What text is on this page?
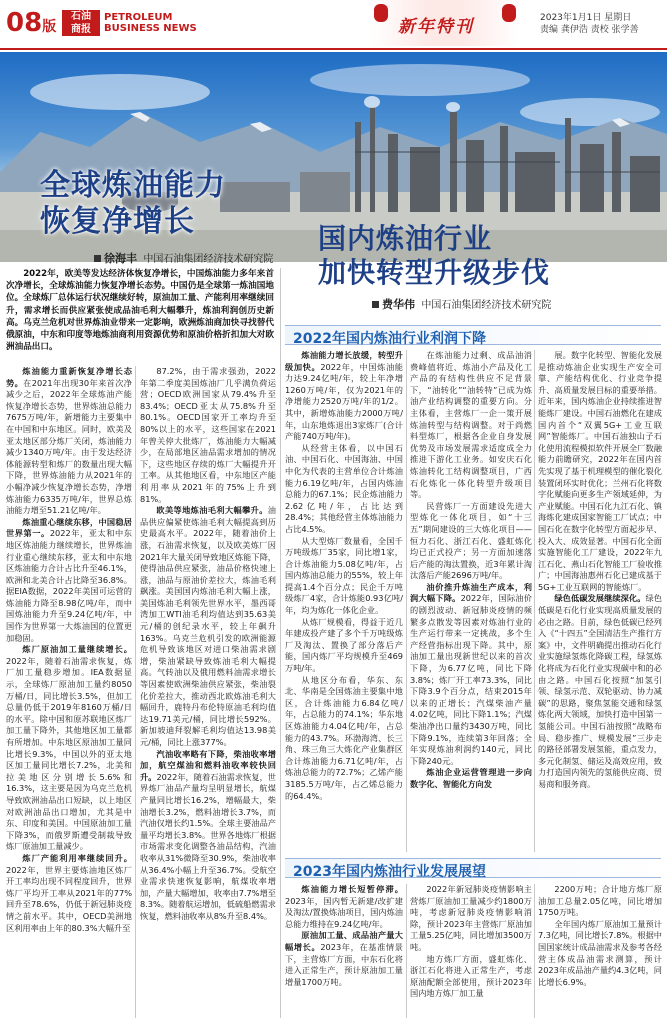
08版
石油
商报
PETROLEUM
BUSINESS NEWS	新年特刊	2023年1月1日 星期日
责编 龚伊浩 责校 张学善
全球炼油能力
恢复净增长
徐海丰 中国石油集团经济技术研究院
国内炼油行业
加快转型升级步伐
费华伟 中国石油集团经济技术研究院

2022年，欧美等发达经济体恢复净增长，中国炼油能力多年来首次净增长，全球炼油能力恢复净增长态势。中国仍是全球第一炼油国地位。全球炼厂总体运行状况继续好转，原油加工量、产能利用率继续回升，需求增长而供应紧张使成品油毛利大幅攀升，炼油利润创历史新高。乌克兰危机对世界炼油业带来一定影响，欧洲炼油商加快寻找替代俄原油，中东和印度等地炼油商利用资源优势和原油价格折扣加大对欧洲油品出口。

2022年国内炼油行业利润下降
2023年国内炼油行业发展展望

炼油能力重新恢复净增长态势。在2021年出现30年来首次净减少之后，2022年全球炼油产能恢复净增长态势，世界炼油总能力7675万吨/年，新增能力主要集中在中国和中东地区。同时，欧美及亚太地区部分炼厂关闭，炼油能力减少1340万吨/年。由于发达经济体能源转型和炼厂的数量出现大幅下降，世界炼油能力从2021年的小幅净减少恢复净增长态势，净增炼油能力6335万吨/年，世界总炼油能力增至51.21亿吨/年。

炼油重心继续东移，中国稳居世界第一。2022年，亚太和中东地区炼油能力继续增长，世界炼油行业重心继续东移，亚太和中东地区炼油能力合计占比升至46.1%，欧洲和北美合计占比降至36.8%。据EIA数据，2022年美国可运营的炼油能力降至8.98亿吨/年，而中国炼油能力升至9.24亿吨/年，中国作为世界第一大炼油国的位置更加稳固。

炼厂原油加工量继续增长。2022年，随着石油需求恢复，炼厂加工量稳步增加。IEA数据显示，全球炼厂原油加工量约8050万桶/日，同比增长3.5%，但加工总量仍低于2019年8160万桶/日的水平。除中国和原苏联地区炼厂加工量下降外，其他地区加工量都有所增加。中东地区原油加工量同比增长9.3%，中国以外的亚太地区加工量同比增长7.2%，北美和拉美地区分别增长5.6%和16.3%，这主要是因为乌克兰危机导致欧洲油品出口短缺，以上地区对欧洲油品出口增加，尤其是中东、印度和美国。中国原油加工量下降3%，而俄罗斯遭受制裁导致炼厂原油加工量减少。

炼厂产能利用率继续回升。2022年，世界主要炼油地区炼厂开工率均出现不同程度回升，世界炼厂平均开工率从2021年的77%回升至78.6%，仍低于新冠肺炎疫情之前水平。其中，OECD美洲地区利用率由上年的80.3%大幅升至

87.2%，由于需求强劲，2022年第二季度美国炼油厂几乎满负荷运营；OECD欧洲国家从79.4%升至83.4%；OECD亚太从75.8%升至80.1%。OECD国家开工率均升至80%以上的水平，这些国家在2021年曾关停大批炼厂，炼油能力大幅减少，在局部地区油品需求增加的情况下，这些地区存续的炼厂大幅提升开工率。从其他地区看，中东地区产能利用率从2021年的75%上升到81%。

欧美等地炼油毛利大幅攀升。油品供应偏紧使炼油毛利大幅提高到历史最高水平。2022年，随着油价上涨，石油需求恢复，以及欧美炼厂因2021年大量关闭导致地区炼能下降，使得油品供应紧张，油品价格快速上涨，油品与原油价差拉大，炼油毛利飙涨。美国国内炼油毛利大幅上涨，美国炼油毛利领先世界水平，墨西哥湾加工WTI油毛利均值达到35.63美元/桶的创纪录水平，较上年飙升163%。乌克兰危机引发的欧洲能源危机导致该地区对进口柴油需求剧增，柴油紧缺导致炼油毛利大幅提高。气转油以及俄用燃料油需求增长等因素使欧洲柴油供应紧张，柴油裂化价差拉大，推动西北欧炼油毛利大幅回升，鹿特丹布伦特原油毛利均值达19.71美元/桶，同比增长592%。新加坡迪拜裂解毛利均值达13.98美元/桶，同比上涨377%。

汽油收率略有下降，柴油收率增加，航空煤油和燃料油收率较快回升。2022年，随着石油需求恢复，世界炼厂油品产量均呈明显增长，航煤产量同比增长16.2%，增幅最大，柴油增长3.2%，燃料油增长3.7%，而汽油仅增长约1.5%。全球主要油品产量平均增长3.8%。世界各地炼厂根据市场需求变化调整各油品结构，汽油收率从31%微降至30.9%，柴油收率从36.4%小幅上升至36.7%。受航空业需求快速恢复影响，航煤收率增加，产量大幅增加，收率由7.7%增至8.3%。随着航运增加，低硫船燃需求恢复，燃料油收率从8%升至8.4%。

炼油能力增长放缓，转型升级加快。2022年，中国炼油能力达9.24亿吨/年，较上年净增1260万吨/年，仅为2021年的净增能力2520万吨/年的1/2。其中，新增炼油能力2000万吨/年，山东地炼退出3家炼厂(合计产能740万吨/年)。

从经营主体看，以中国石油、中国石化、中国海油、中国中化为代表的主营单位合计炼油能力6.19亿吨/年，占国内炼油总能力的67.1%；民企炼油能力2.62亿吨/年，占比达到28.4%；其他经营主体炼油能力占比4.5%。

从大型炼厂数量看，全国千万吨级炼厂35家，同比增1家，合计炼油能力5.08亿吨/年，占国内炼油总能力的55%，较上年提高1.4个百分点；民企千万吨级炼厂4家，合计炼能0.93亿吨/年，均为炼化一体化企业。

从炼厂规模看，得益于近几年建成投产建了多个千万吨级炼厂及淘汰、置换了部分落后产能，国内炼厂平均规模升至469万吨/年。

从地区分布看，华东、东北、华南是全国炼油主要集中地区，合计炼油能力6.84亿吨/年，占总能力的74.1%；华东地区炼油能力4.04亿吨/年，占总能力的43.7%。环渤海湾、长三角、珠三角三大炼化产业集群区合计炼油能力6.71亿吨/年，占炼油总能力的72.7%；乙烯产能3185.5万吨/年，占乙烯总能力的64.4%。

在炼油能力过剩、成品油消费峰值将近、炼油小产品及化工产品的有结构性供应不足背景下，“油转化”“油转特”已成为炼油产业结构调整的重要方向。分主体看，主营炼厂一企一策开展炼油转型与结构调整。对于尚燃料型炼厂，根据各企业自身发展优势及市场发展需求适度成全力推进下游化工业务。如安庆石化炼油转化工结构调整项目，广西石化炼化一体化转型升级项目等。

民营炼厂一方面建设先进大型炼化一体化项目，如“十三五”期间建设的三大炼化项目——恒力石化、浙江石化、盛虹炼化均已正式投产；另一方面加速落后产能的淘汰置换，近3年累计淘汰落后产能2696万吨/年。

油价推升炼油生产成本，利润大幅下降。2022年，国际油价的剧烈波动、新冠肺炎疫情的频繁多点散发等因素对炼油行业的生产运行带来一定挑战，多个生产经营指标出现下降。其中，原油加工量出现新世纪以来的首次下降，为6.77亿吨，同比下降3.8%；炼厂开工率73.3%，同比下降3.9个百分点，结束2015年以来的正增长；汽煤柴油产量4.02亿吨，同比下降1.1%；汽煤柴油净出口量约3430万吨，同比下降9.1%，连续第3年回落；全年实现炼油利润约140元，同比下降240元。

炼油企业运营管理进一步向数字化、智能化方向发

展。数字化转型、智能化发展是推动炼油企业实现生产安全可靠、产能结构优化、行业竞争提升、高质量发展目标的重要举措。近年来，国内炼油企业持续推进智能炼厂建设。中国石油燃化在建成国内首个“双翼5G+工业互联网”智能炼厂。中国石油独山子石化使用流程模拟软件开展全厂数融能力前瞻研究，2022年在国内首先实现了基于机理模型的催化裂化装置闭环实时优化；兰州石化将数字化赋能向更多生产领域延伸，为产业赋能。中国石化九江石化、镇海炼化建成国家智能工厂试点；中国石化在数字化转型方面起步早、投入大、成效显著。中国石化全面实施智能化工厂建设，2022年九江石化、燕山石化智能工厂验收推广；中国海油惠州石化已建成基于5G+工业互联网的智能炼厂。

绿色低碳发展继续深化。绿色低碳是石化行业实现高质量发展的必由之路。目前，绿色低碳已经列入《“十四五”全国清洁生产推行方案》中，文件明确提出推动石化行业实施绿氢炼化降碳工程，绿氢炼化将成为石化行业实现碳中和的必由之路。中国石化按照“加氢引领、绿氢示范、双轮驱动、协力减碳”的思路，聚焦氢能交通和绿氢炼化两大领域，加快打造中国第一氢能公司。中国石油按照“战略布局、稳步推广、规模发展”三步走的路径部署发展氢能，重点发力，多元化制氢、储运及高效应用，致力打造国内领先的氢能供应商、贸易商和服务商。

炼油能力增长短暂停滞。2023年，国内暂无新建/改扩建及淘汰/置换炼油项目，国内炼油总能力维持在9.24亿吨/年。

原油加工量、成品油产量大幅增长。2023年，在基准情景下，主营炼厂方面，中东石化将进入正常生产，预计原油加工量增量1700万吨。

2022年新冠肺炎疫情影响主营炼厂原油加工量减少约1800万吨，考虑新冠肺炎疫情影响消除，预计2023年主营炼厂原油加工量5.25亿吨，同比增加3500万吨。

地方炼厂方面，盛虹炼化、浙江石化将进入正常生产，考虑原油配额全部使用，预计2023年国内地方炼厂加工量

2200万吨；合计地方炼厂原油加工总量2.05亿吨，同比增加1750万吨。

全年国内炼厂原油加工量预计7.3亿吨，同比增长7.8%。根据中国国家统计成品油需求及参考各经营主体成品油需求测算，预计2023年成品油产量约4.3亿吨，同比增长6.9%。
